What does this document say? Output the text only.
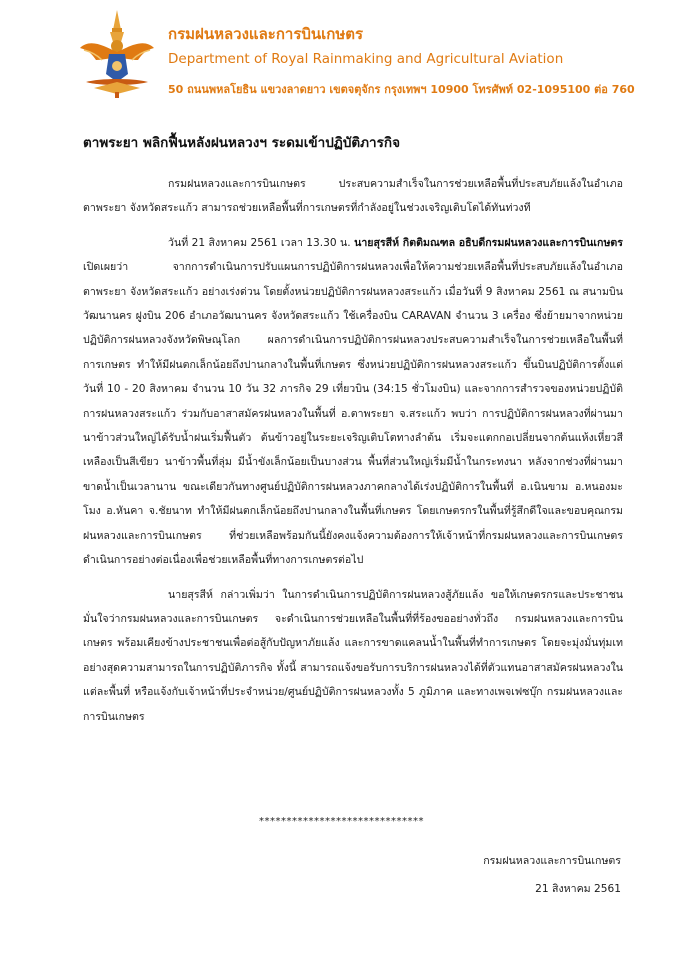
กรมฝนหลวงและการบินเกษตร
Department of Royal Rainmaking and Agricultural Aviation
50 ถนนพหลโยธิน แขวงลาดยาว เขตจตุจักร กรุงเทพฯ 10900 โทรศัพท์ 02-1095100 ต่อ 760
ตาพระยา พลิกฟื้นหลังฝนหลวงฯ ระดมเข้าปฏิบัติภารกิจ

กรมฝนหลวงและการบินเกษตร ประสบความสำเร็จในการช่วยเหลือพื้นที่ประสบภัยแล้งในอำเภอตาพระยา จังหวัดสระแก้ว สามารถช่วยเหลือพื้นที่การเกษตรที่กำลังอยู่ในช่วงเจริญเติบโตได้ทันท่วงที

วันที่ 21 สิงหาคม 2561 เวลา 13.30 น. นายสุรสีห์ กิตติมณฑล อธิบดีกรมฝนหลวงและการบินเกษตร เปิดเผยว่า จากการดำเนินการปรับแผนการปฏิบัติการฝนหลวงเพื่อให้ความช่วยเหลือพื้นที่ประสบภัยแล้งในอำเภอตาพระยา จังหวัดสระแก้ว อย่างเร่งด่วน โดยตั้งหน่วยปฏิบัติการฝนหลวงสระแก้ว เมื่อวันที่ 9 สิงหาคม 2561 ณ สนามบินวัฒนานคร ฝูงบิน 206 อำเภอวัฒนานคร จังหวัดสระแก้ว ใช้เครื่องบิน CARAVAN จำนวน 3 เครื่อง ซึ่งย้ายมาจากหน่วยปฏิบัติการฝนหลวงจังหวัดพิษณุโลก ผลการดำเนินการปฏิบัติการฝนหลวงประสบความสำเร็จในการช่วยเหลือในพื้นที่การเกษตร ทำให้มีฝนตกเล็กน้อยถึงปานกลางในพื้นที่เกษตร ซึ่งหน่วยปฏิบัติการฝนหลวงสระแก้ว ขึ้นบินปฏิบัติการตั้งแต่วันที่ 10 - 20 สิงหาคม จำนวน 10 วัน 32 ภารกิจ 29 เที่ยวบิน (34:15 ชั่วโมงบิน) และจากการสำรวจของหน่วยปฏิบัติการฝนหลวงสระแก้ว ร่วมกับอาสาสมัครฝนหลวงในพื้นที่ อ.ตาพระยา จ.สระแก้ว พบว่า การปฏิบัติการฝนหลวงที่ผ่านมา นาข้าวส่วนใหญ่ได้รับน้ำฝนเริ่มฟื้นตัว ต้นข้าวอยู่ในระยะเจริญเติบโตทางลำต้น เริ่มจะแตกกอเปลี่ยนจากต้นแห้งเหี่ยวสีเหลืองเป็นสีเขียว นาข้าวพื้นที่ลุ่ม มีน้ำขังเล็กน้อยเป็นบางส่วน พื้นที่ส่วนใหญ่เริ่มมีน้ำในกระทงนา หลังจากช่วงที่ผ่านมาขาดน้ำเป็นเวลานาน ขณะเดียวกันทางศูนย์ปฏิบัติการฝนหลวงภาคกลางได้เร่งปฏิบัติการในพื้นที่ อ.เนินขาม อ.หนองมะโมง อ.หันคา จ.ชัยนาท ทำให้มีฝนตกเล็กน้อยถึงปานกลางในพื้นที่เกษตร โดยเกษตรกรในพื้นที่รู้สึกดีใจและขอบคุณกรมฝนหลวงและการบินเกษตร ที่ช่วยเหลือพร้อมกันนี้ยังคงแจ้งความต้องการให้เจ้าหน้าที่กรมฝนหลวงและการบินเกษตรดำเนินการอย่างต่อเนื่องเพื่อช่วยเหลือพื้นที่ทางการเกษตรต่อไป

นายสุรสีห์ กล่าวเพิ่มว่า ในการดำเนินการปฏิบัติการฝนหลวงสู้ภัยแล้ง ขอให้เกษตรกรและประชาชน มั่นใจว่ากรมฝนหลวงและการบินเกษตร จะดำเนินการช่วยเหลือในพื้นที่ที่ร้องขออย่างทั่วถึง กรมฝนหลวงและการบินเกษตร พร้อมเคียงข้างประชาชนเพื่อต่อสู้กับปัญหาภัยแล้ง และการขาดแคลนน้ำในพื้นที่ทำการเกษตร โดยจะมุ่งมั่นทุ่มเทอย่างสุดความสามารถในการปฏิบัติภารกิจ ทั้งนี้ สามารถแจ้งขอรับการบริการฝนหลวงได้ที่ตัวแทนอาสาสมัครฝนหลวงในแต่ละพื้นที่ หรือแจ้งกับเจ้าหน้าที่ประจำหน่วย/ศูนย์ปฏิบัติการฝนหลวงทั้ง 5 ภูมิภาค และทางเพจเฟซบุ๊ก กรมฝนหลวงและการบินเกษตร

******************************
กรมฝนหลวงและการบินเกษตร
21 สิงหาคม 2561
